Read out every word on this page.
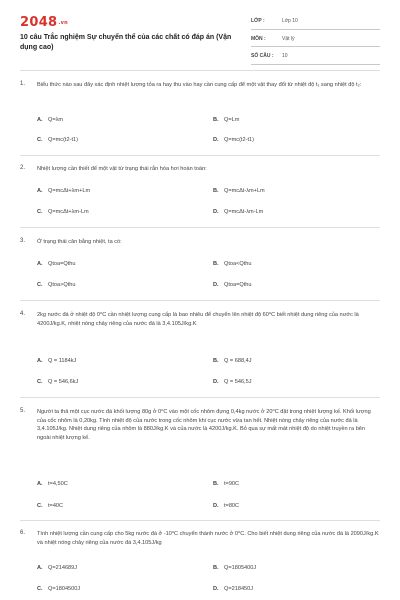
2048.vn
10 câu Trắc nghiệm Sự chuyển thể của các chất có đáp án (Vận dụng cao)
LỚP :	Lớp 10
MÔN :	Vật lý
SỐ CÂU : 10
1. Biểu thức nào sau đây xác định nhiệt lượng tỏa ra hay thu vào hay cần cung cấp để một vật thay đổi từ nhiệt độ t₁ sang nhiệt độ t₂:
A. Q=λm	B. Q=Lm
C. Q=mc(t2-t1)	D. Q=mc(t2-t1)
2. Nhiệt lượng cần thiết để một vật từ trạng thái rắn hóa hơi hoàn toàn:
A. Q=mcΔt+λm+Lm	B. Q=mcΔt-λm+Lm
C. Q=mcΔt+λm-Lm	D. Q=mcΔt-λm-Lm
3. Ở trạng thái cân bằng nhiệt, ta có:
A. Qtoa=Qthu	B. Qtoa<Qthu
C. Qtoa>Qthu	D. Qtoa=Qthu
4. 2kg nước đá ở nhiệt độ 0⁰C cần nhiệt lượng cung cấp là bao nhiêu để chuyển lên nhiệt độ 60⁰C biết nhiệt dung riêng của nước là 4200J/kg.K, nhiệt nóng chảy riêng của nước đá là 3,4.105J/kg.K
A. Q = 1184kJ	B. Q = 688,4J
C. Q = 546,6kJ	D. Q = 546,5J
5. Người ta thả một cục nước đá khối lượng 80g ở 0⁰C vào một cốc nhôm đựng 0,4kg nước ở 20⁰C đặt trong nhiệt lượng kế. Khối lượng của cốc nhôm là 0,20kg. Tính nhiệt độ của nước trong cốc nhôm khi cục nước vừa tan hết. Nhiệt nóng chảy riêng của nước đá là 3,4.105J/kg. Nhiệt dung riêng của nhôm là 880J/kg.K và của nước là 4200J/kg.K. Bỏ qua sự mất mát nhiệt độ do nhiệt truyền ra bên ngoài nhiệt lượng kế.
A. t=4,50C	B. t=90C
C. t=40C	D. t=80C
6. Tính nhiệt lượng cần cung cấp cho 5kg nước đá ở -10⁰C chuyển thành nước ở 0⁰C. Cho biết nhiệt dung riêng của nước đá là 2090J/kg.K và nhiệt nóng chảy riêng của nước đá 3,4.105J/kg
A. Q=214689J	B. Q=1805400J
C. Q=1804500J	D. Q=218450J
